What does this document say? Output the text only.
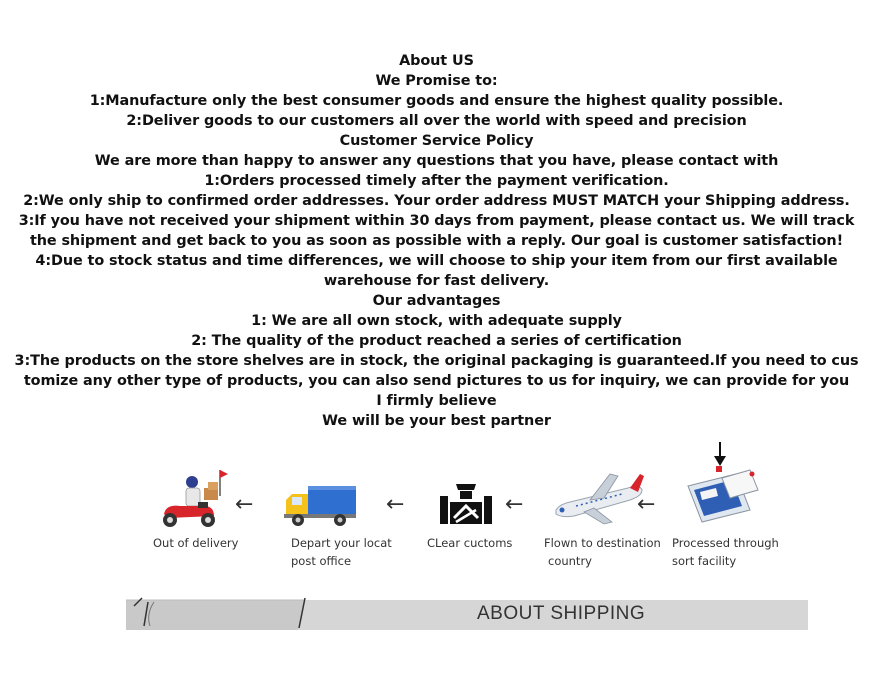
About US
We Promise to:
1:Manufacture only the best consumer goods and ensure the highest quality possible.
2:Deliver goods to our customers all over the world with speed and precision
Customer Service Policy
We are more than happy to answer any questions that you have, please contact with
1:Orders processed timely after the payment verification.
2:We only ship to confirmed order addresses. Your order address MUST MATCH your Shipping address.
3:If you have not received your shipment within 30 days from payment, please contact us. We will track
the shipment and get back to you as soon as possible with a reply. Our goal is customer satisfaction!
4:Due to stock status and time differences, we will choose to ship your item from our first available
warehouse for fast delivery.
Our advantages
1: We are all own stock, with adequate supply
2: The quality of the product reached a series of certification
3:The products on the store shelves are in stock, the original packaging is guaranteed.If you need to cus
tomize any other type of products, you can also send pictures to us for inquiry, we can provide for you
I firmly believe
We will be your best partner
Out of delivery
←
Depart your locat
post office
←
CLear cuctoms
←
Flown to destination
country
←
Processed through
sort facility
ABOUT SHIPPING
